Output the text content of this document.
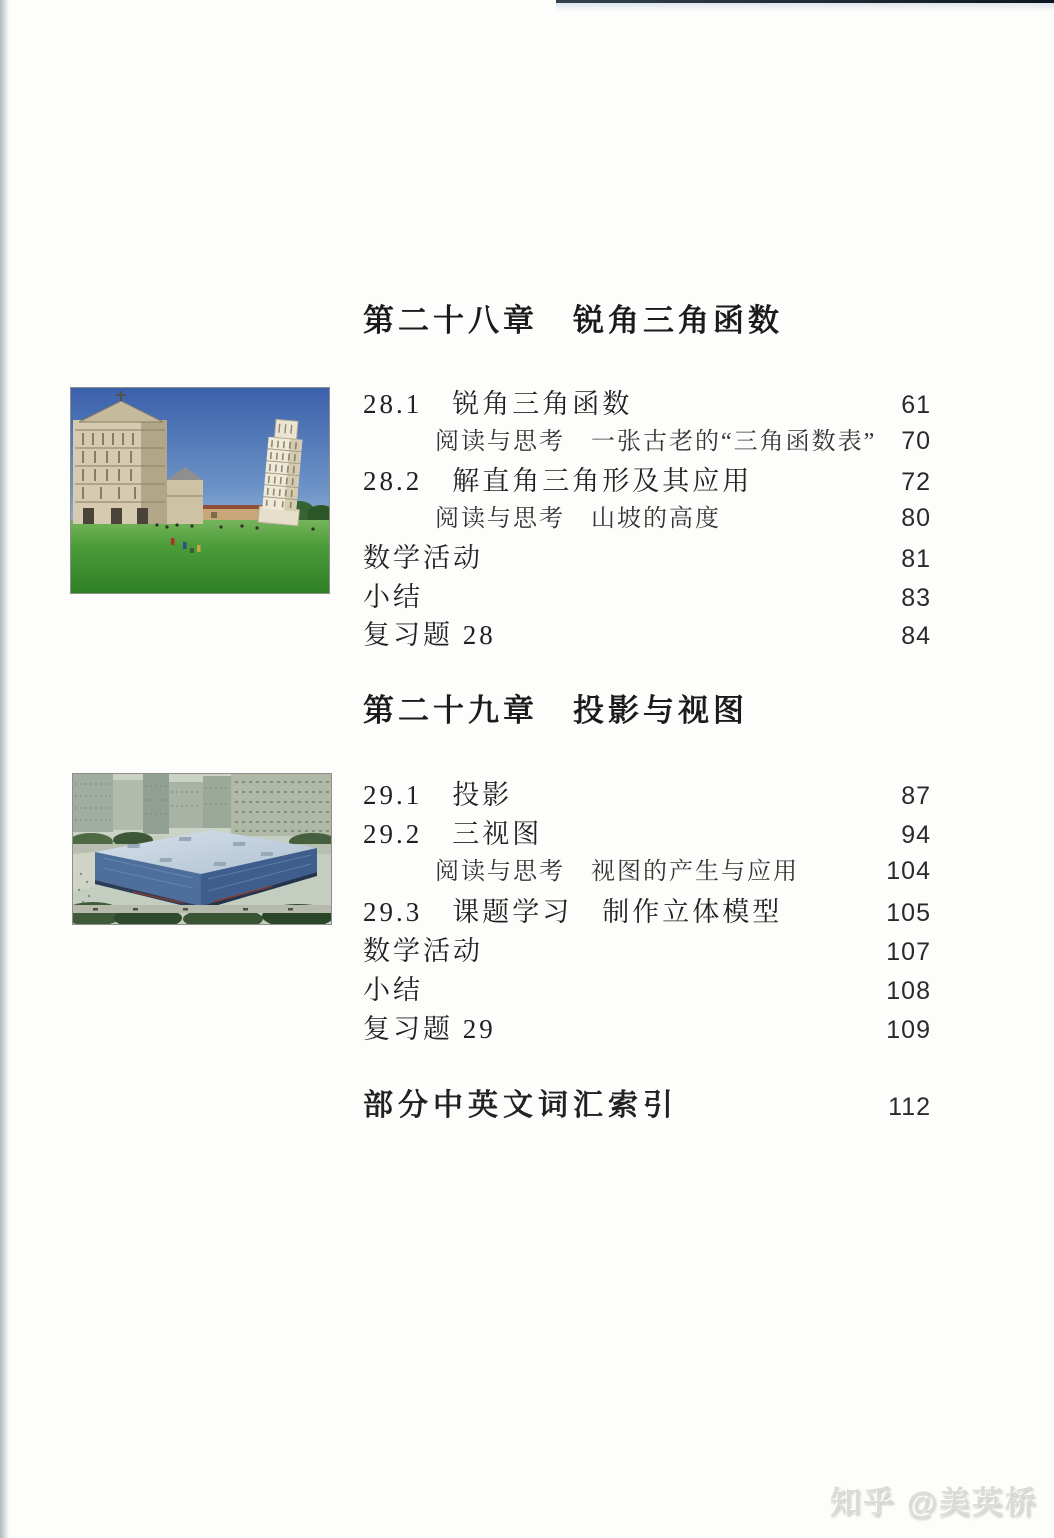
第二十八章　锐角三角函数
28.1　锐角三角函数	61
阅读与思考　一张古老的“三角函数表” 70
28.2　解直角三角形及其应用	72
阅读与思考　山坡的高度	80
数学活动	81
小结	83
复习题 28	84
第二十九章　投影与视图
29.1　投影	87
29.2　三视图	94
阅读与思考　视图的产生与应用	104
29.3　课题学习　制作立体模型	105
数学活动	107
小结	108
复习题 29	109
部分中英文词汇索引	112
知乎 @美英桥
